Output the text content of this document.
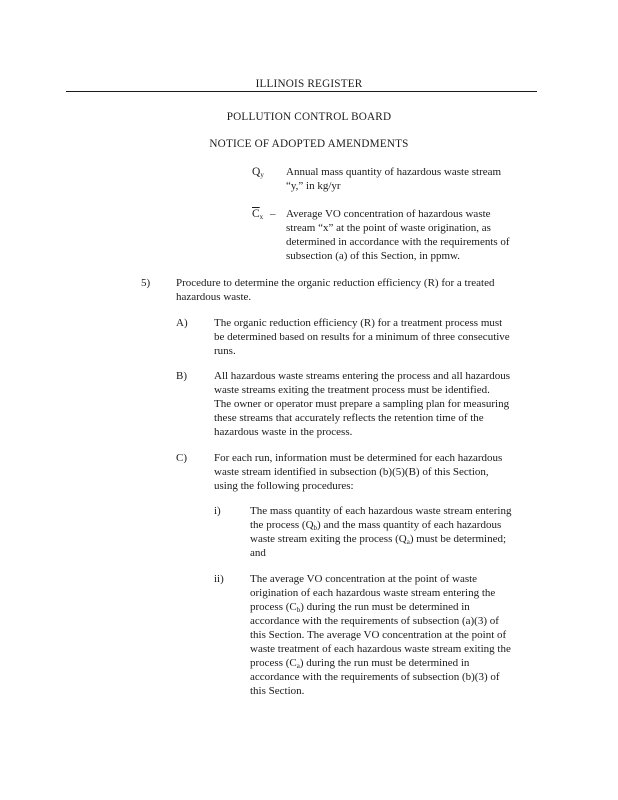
ILLINOIS REGISTER
POLLUTION CONTROL BOARD
NOTICE OF ADOPTED AMENDMENTS
$Q_y$ Annual mass quantity of hazardous waste stream
“y,” in kg/yr
$\overline{C}_x$ – Average VO concentration of hazardous waste
stream “x” at the point of waste origination, as
determined in accordance with the requirements of
subsection (a) of this Section, in ppmw.
5) Procedure to determine the organic reduction efficiency (R) for a treated
hazardous waste.
A) The organic reduction efficiency (R) for a treatment process must
be determined based on results for a minimum of three consecutive
runs.
B) All hazardous waste streams entering the process and all hazardous
waste streams exiting the treatment process must be identified.
The owner or operator must prepare a sampling plan for measuring
these streams that accurately reflects the retention time of the
hazardous waste in the process.
C) For each run, information must be determined for each hazardous
waste stream identified in subsection (b)(5)(B) of this Section,
using the following procedures:
i)	The mass quantity of each hazardous waste stream entering
the process $(Q_b)$ and the mass quantity of each hazardous
waste stream exiting the process $(Q_a)$ must be determined;
and
ii) The average VO concentration at the point of waste
origination of each hazardous waste stream entering the
process $(C_b)$ during the run must be determined in
accordance with the requirements of subsection (a)(3) of
this Section. The average VO concentration at the point of
waste treatment of each hazardous waste stream exiting the
process $(C_a)$ during the run must be determined in
accordance with the requirements of subsection (b)(3) of
this Section.
